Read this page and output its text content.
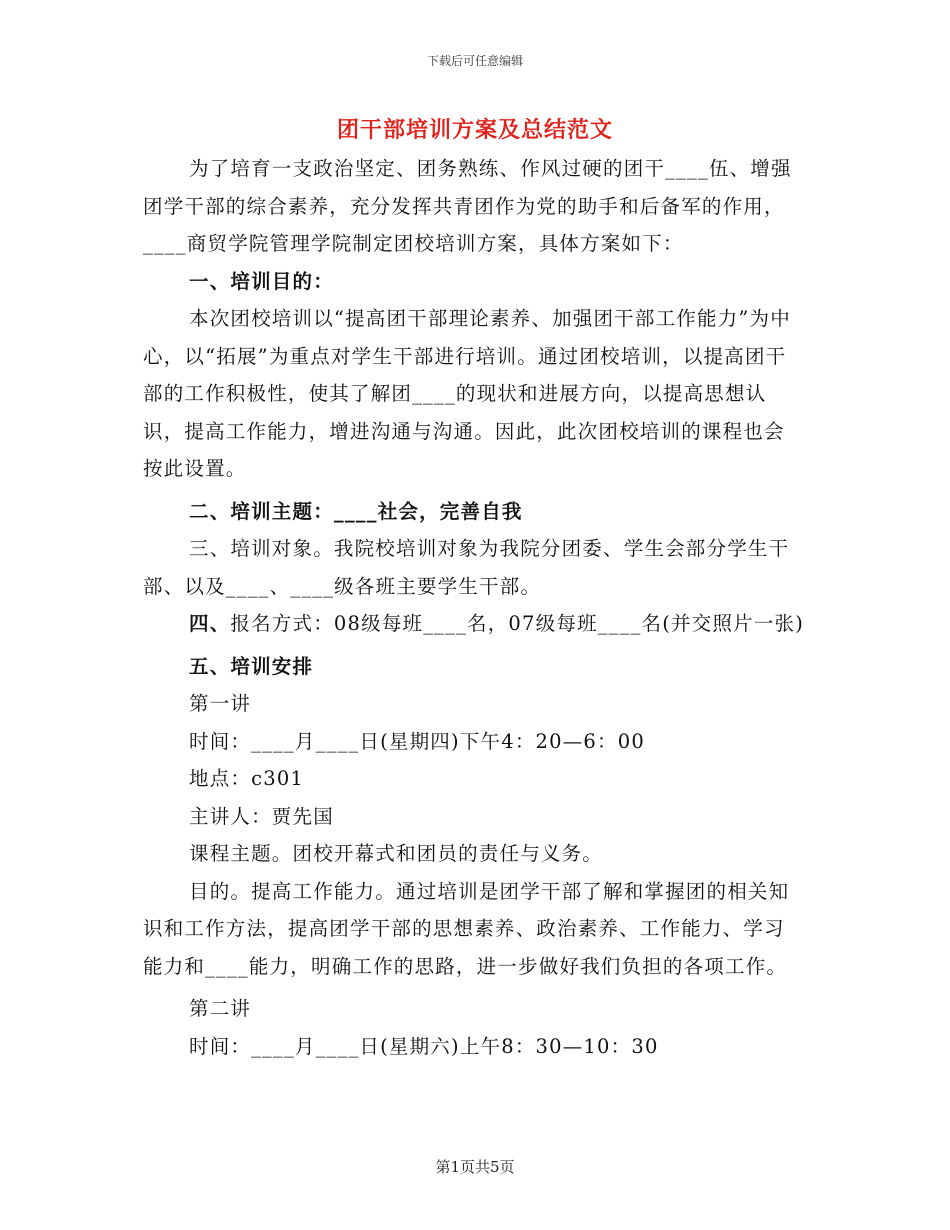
下载后可任意编辑
团干部培训方案及总结范文

为了培育一支政治坚定、团务熟练、作风过硬的团干____伍、增强团学干部的综合素养，充分发挥共青团作为党的助手和后备军的作用，____商贸学院管理学院制定团校培训方案，具体方案如下：

一、培训目的：

本次团校培训以“提高团干部理论素养、加强团干部工作能力”为中心，以“拓展”为重点对学生干部进行培训。通过团校培训，以提高团干部的工作积极性，使其了解团____的现状和进展方向，以提高思想认识，提高工作能力，增进沟通与沟通。因此，此次团校培训的课程也会按此设置。

二、培训主题：____社会，完善自我

三、培训对象。我院校培训对象为我院分团委、学生会部分学生干部、以及____、____级各班主要学生干部。

四、报名方式：08级每班____名，07级每班____名(并交照片一张)

五、培训安排

第一讲

时间：____月____日(星期四)下午4：20—6：00

地点：c301

主讲人：贾先国

课程主题。团校开幕式和团员的责任与义务。

目的。提高工作能力。通过培训是团学干部了解和掌握团的相关知识和工作方法，提高团学干部的思想素养、政治素养、工作能力、学习能力和____能力，明确工作的思路，进一步做好我们负担的各项工作。

第二讲

时间：____月____日(星期六)上午8：30—10：30

第1页共5页
